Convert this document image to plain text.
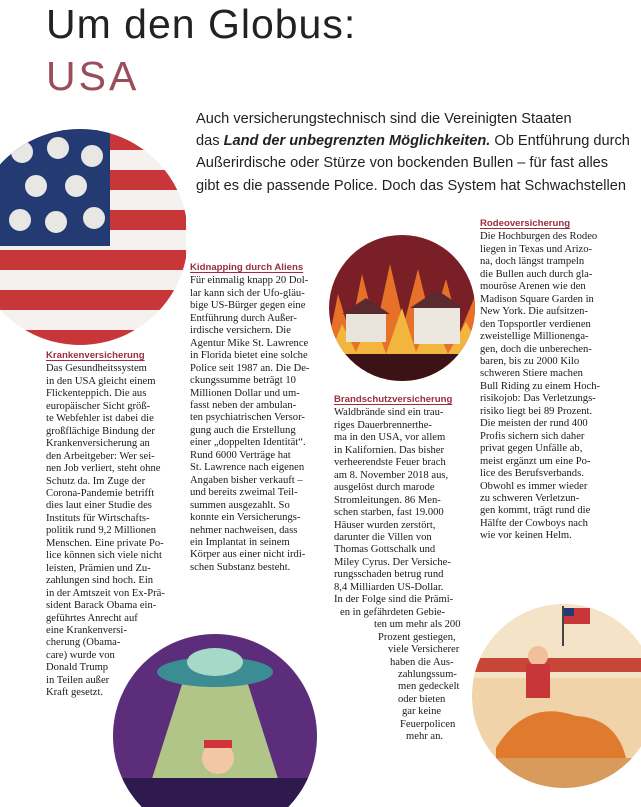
Um den Globus:
USA
Auch versicherungstechnisch sind die Vereinigten Staaten
das Land der unbegrenzten Möglichkeiten. Ob Entführung durch
Außerirdische oder Stürze von bockenden Bullen – für fast alles
gibt es die passende Police. Doch das System hat Schwachstellen
Krankenversicherung
Das Gesundheitssystem
in den USA gleicht einem
Flickenteppich. Die aus
europäischer Sicht größ-
te Webfehler ist dabei die
großflächige Bindung der
Krankenversicherung an
den Arbeitgeber: Wer sei-
nen Job verliert, steht ohne
Schutz da. Im Zuge der
Corona-Pandemie betrifft
dies laut einer Studie des
Instituts für Wirtschafts-
politik rund 9,2 Millionen
Menschen. Eine private Po-
lice können sich viele nicht
leisten, Prämien und Zu-
zahlungen sind hoch. Ein
in der Amtszeit von Ex-Prä-
sident Barack Obama ein-
geführtes Anrecht auf
eine Krankenversi-
cherung (Obama-
care) wurde von
Donald Trump
in Teilen außer
Kraft gesetzt.
Kidnapping durch Aliens
Für einmalig knapp 20 Dol-
lar kann sich der Ufo-gläu-
bige US-Bürger gegen eine
Entführung durch Außer-
irdische versichern. Die
Agentur Mike St. Lawrence
in Florida bietet eine solche
Police seit 1987 an. Die De-
ckungssumme beträgt 10
Millionen Dollar und um-
fasst neben der ambulan-
ten psychiatrischen Versor-
gung auch die Erstellung
einer „doppelten Identität“.
Rund 6000 Verträge hat
St. Lawrence nach eigenen
Angaben bisher verkauft –
und bereits zweimal Teil-
summen ausgezahlt. So
konnte ein Versicherungs-
nehmer nachweisen, dass
ein Implantat in seinem
Körper aus einer nicht irdi-
schen Substanz besteht.
Brandschutzversicherung
Waldbrände sind ein trau-
riges Dauerbrennerthe-
ma in den USA, vor allem
in Kalifornien. Das bisher
verheerendste Feuer brach
am 8. November 2018 aus,
ausgelöst durch marode
Stromleitungen. 86 Men-
schen starben, fast 19.000
Häuser wurden zerstört,
darunter die Villen von
Thomas Gottschalk und
Miley Cyrus. Der Versiche-
rungsschaden betrug rund
8,4 Milliarden US-Dollar.
In der Folge sind die Prämi-
en in gefährdeten Gebie-
ten um mehr als 200
Prozent gestiegen,
viele Versicherer
haben die Aus-
zahlungssum-
men gedeckelt
oder bieten
gar keine
Feuerpolicen
mehr an.
Rodeoversicherung
Die Hochburgen des Rodeo
liegen in Texas und Arizo-
na, doch längst trampeln
die Bullen auch durch gla-
mouröse Arenen wie den
Madison Square Garden in
New York. Die aufsitzen-
den Topsportler verdienen
zweistellige Millionengа-
gen, doch die unberechen-
baren, bis zu 2000 Kilo
schweren Stiere machen
Bull Riding zu einem Hoch-
risikojob: Das Verletzungs-
risiko liegt bei 89 Prozent.
Die meisten der rund 400
Profis sichern sich daher
privat gegen Unfälle ab,
meist ergänzt um eine Po-
lice des Berufsverbands.
Obwohl es immer wieder
zu schweren Verletzun-
gen kommt, trägt rund die
Hälfte der Cowboys nach
wie vor keinen Helm.
